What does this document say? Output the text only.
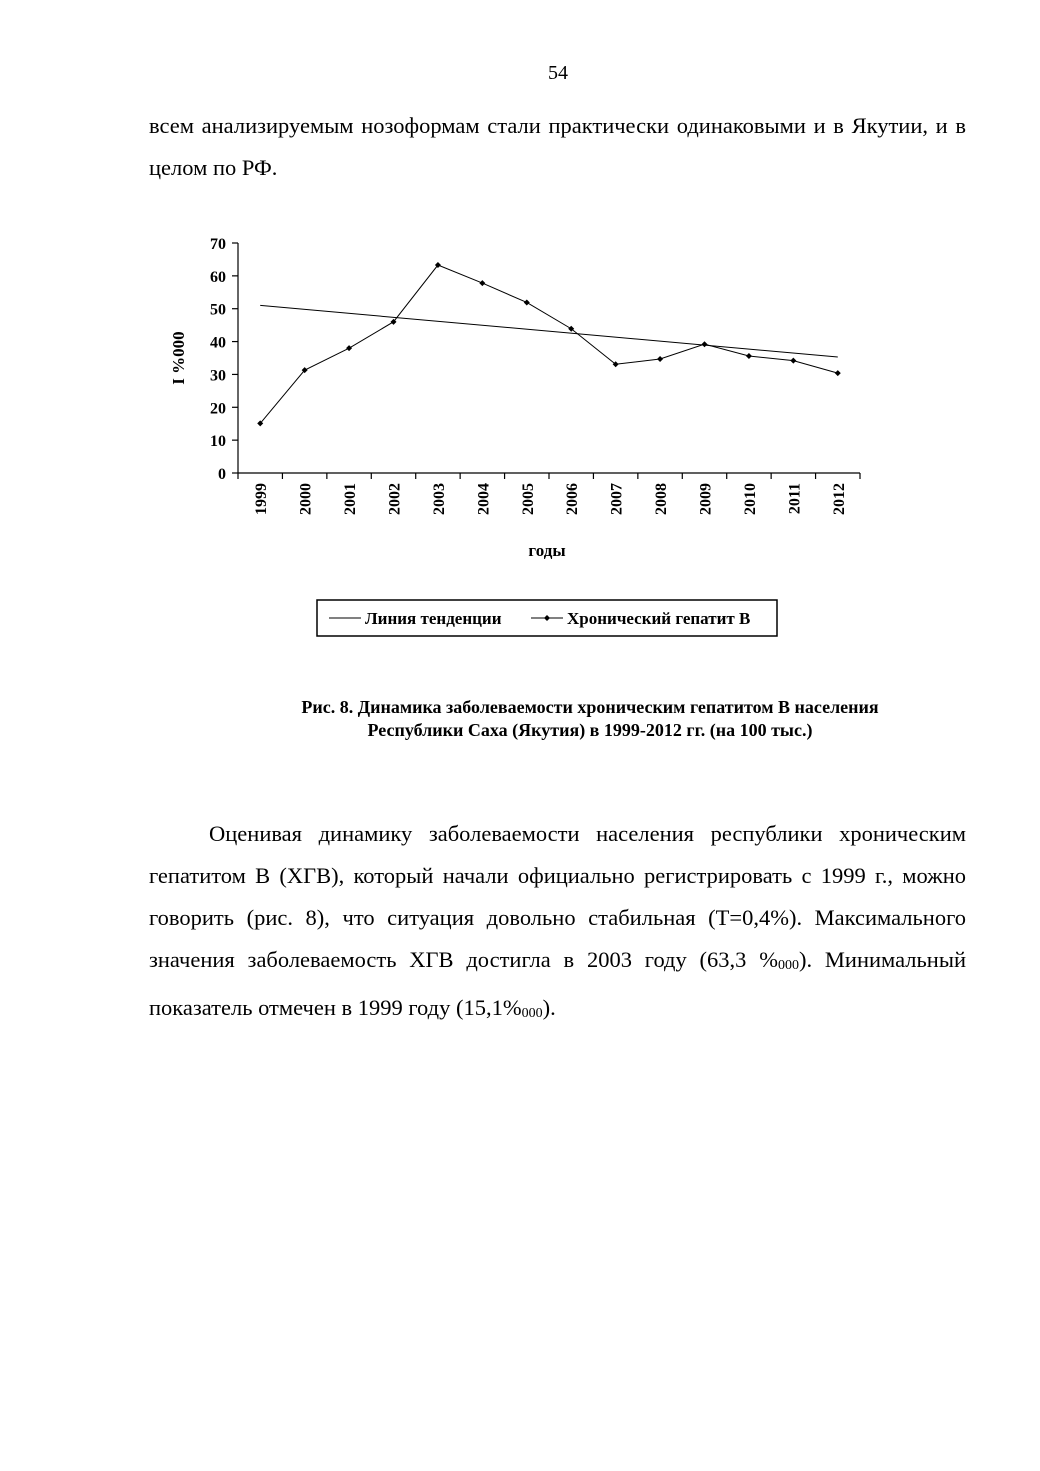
54

всем анализируемым нозоформам стали практически одинаковыми и в Якутии, и в целом по РФ.

0
10
20
30
40
50
60
70
1999 2000 2001 2002 2003 2004 2005 2006 2007 2008 2009 2010 2011 2012
I %000
годы
Линия тенденции	Хронический гепатит В
Рис. 8. Динамика заболеваемости хроническим гепатитом В населения
Республики Саха (Якутия) в 1999-2012 гг. (на 100 тыс.)

Оценивая динамику заболеваемости населения республики хроническим гепатитом В (ХГВ), который начали официально регистрировать с 1999 г., можно говорить (рис. 8), что ситуация довольно стабильная (Т=0,4%). Максимального значения заболеваемость ХГВ достигла в 2003 году (63,3 $\%_{000}$). Минимальный показатель отмечен в 1999 году $(15,1\%_{000})$.
